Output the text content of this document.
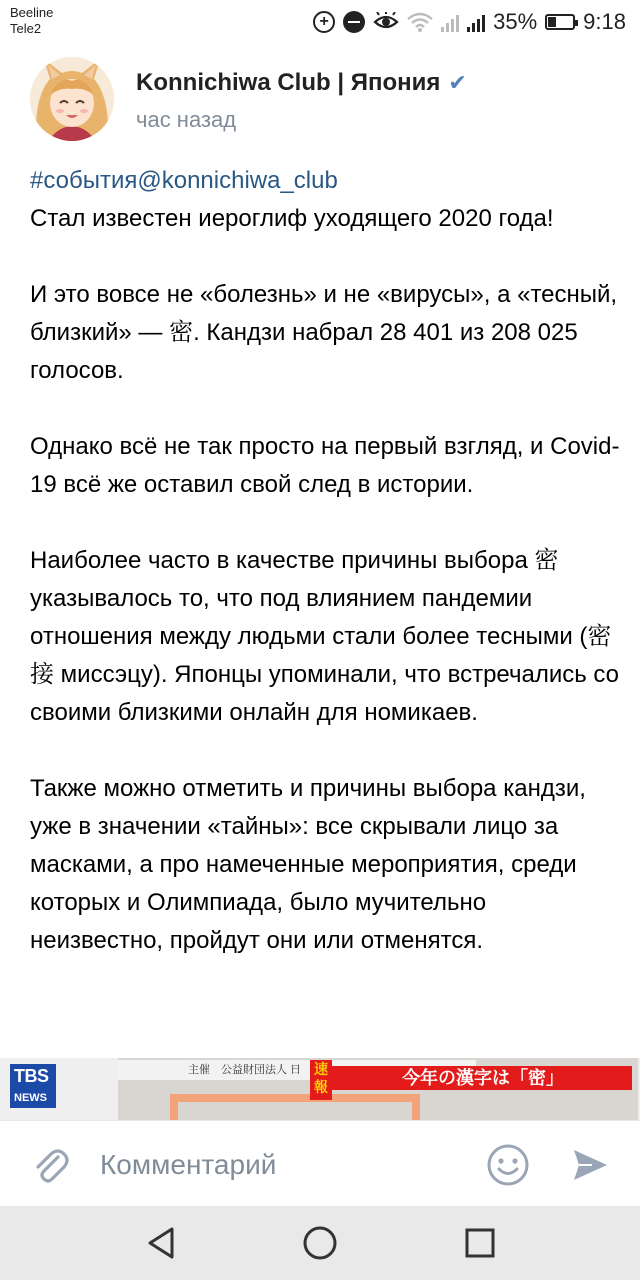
Beeline
Tele2	+	35% 9:18
Konnichiwa Club | Япония ✔
час назад
#события@konnichiwa_club

Стал известен иероглиф уходящего 2020 года!

И это вовсе не «болезнь» и не «вирусы», а «тесный, близкий» — 密. Кандзи набрал 28 401 из 208 025 голосов.

Однако всё не так просто на первый взгляд, и Covid-19 всё же оставил свой след в истории.

Наиболее часто в качестве причины выбора 密 указывалось то, что под влиянием пандемии отношения между людьми стали более тесными (密接 миссэцу). Японцы упоминали, что встречались со своими близкими онлайн для номикаев.

Также можно отметить и причины выбора кандзи, уже в значении «тайны»: все скрывали лицо за масками, а про намеченные мероприятия, среди которых и Олимпиада, было мучительно неизвестно, пройдут они или отменятся.

TBS
NEWS
主催　公益財団法人 日 速報	今年の漢字は「密」
Комментарий
